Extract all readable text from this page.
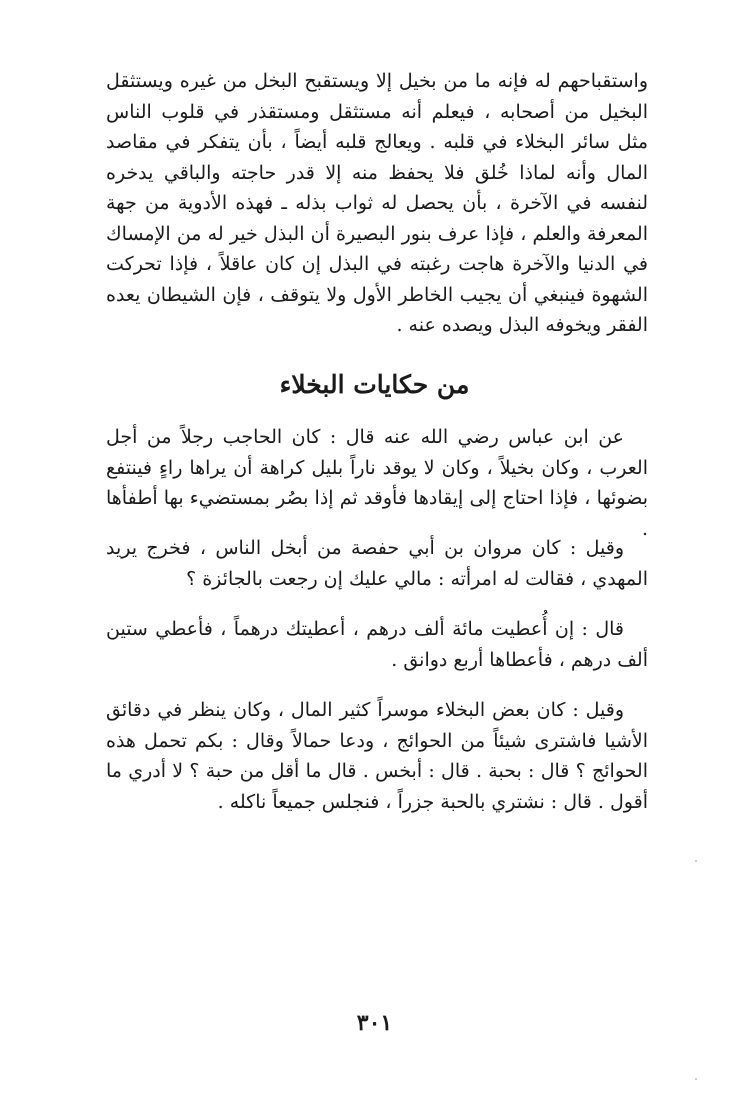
واستقباحهم له فإنه ما من بخيل إلا ويستقبح البخل من غيره ويستثقل البخيل من أصحابه ، فيعلم أنه مستثقل ومستقذر في قلوب الناس مثل سائر البخلاء في قلبه . ويعالج قلبه أيضاً ، بأن يتفكر في مقاصد المال وأنه لماذا خُلق فلا يحفظ منه إلا قدر حاجته والباقي يدخره لنفسه في الآخرة ، بأن يحصل له ثواب بذله ـ فهذه الأدوية من جهة المعرفة والعلم ، فإذا عرف بنور البصيرة أن البذل خير له من الإمساك في الدنيا والآخرة هاجت رغبته في البذل إن كان عاقلاً ، فإذا تحركت الشهوة فينبغي أن يجيب الخاطر الأول ولا يتوقف ، فإن الشيطان يعده الفقر ويخوفه البذل ويصده عنه .
من حكايات البخلاء
عن ابن عباس رضي الله عنه قال : كان الحاجب رجلاً من أجل العرب ، وكان بخيلاً ، وكان لا يوقد ناراً بليل كراهة أن يراها راءٍ فينتفع بضوئها ، فإذا احتاج إلى إيقادها فأوقد ثم إذا بصُر بمستضيء بها أطفأها .
وقيل : كان مروان بن أبي حفصة من أبخل الناس ، فخرج يريد المهدي ، فقالت له امرأته : مالي عليك إن رجعت بالجائزة ؟
قال : إن أُعطيت مائة ألف درهم ، أعطيتك درهماً ، فأعطي ستين ألف درهم ، فأعطاها أربع دوانق .
وقيل : كان بعض البخلاء موسراً كثير المال ، وكان ينظر في دقائق الأشيا فاشترى شيئاً من الحوائج ، ودعا حمالاً وقال : بكم تحمل هذه الحوائج ؟ قال : بحبة . قال : أبخس . قال ما أقل من حبة ؟ لا أدري ما أقول . قال : نشتري بالحبة جزراً ، فنجلس جميعاً ناكله .
٣٠١
